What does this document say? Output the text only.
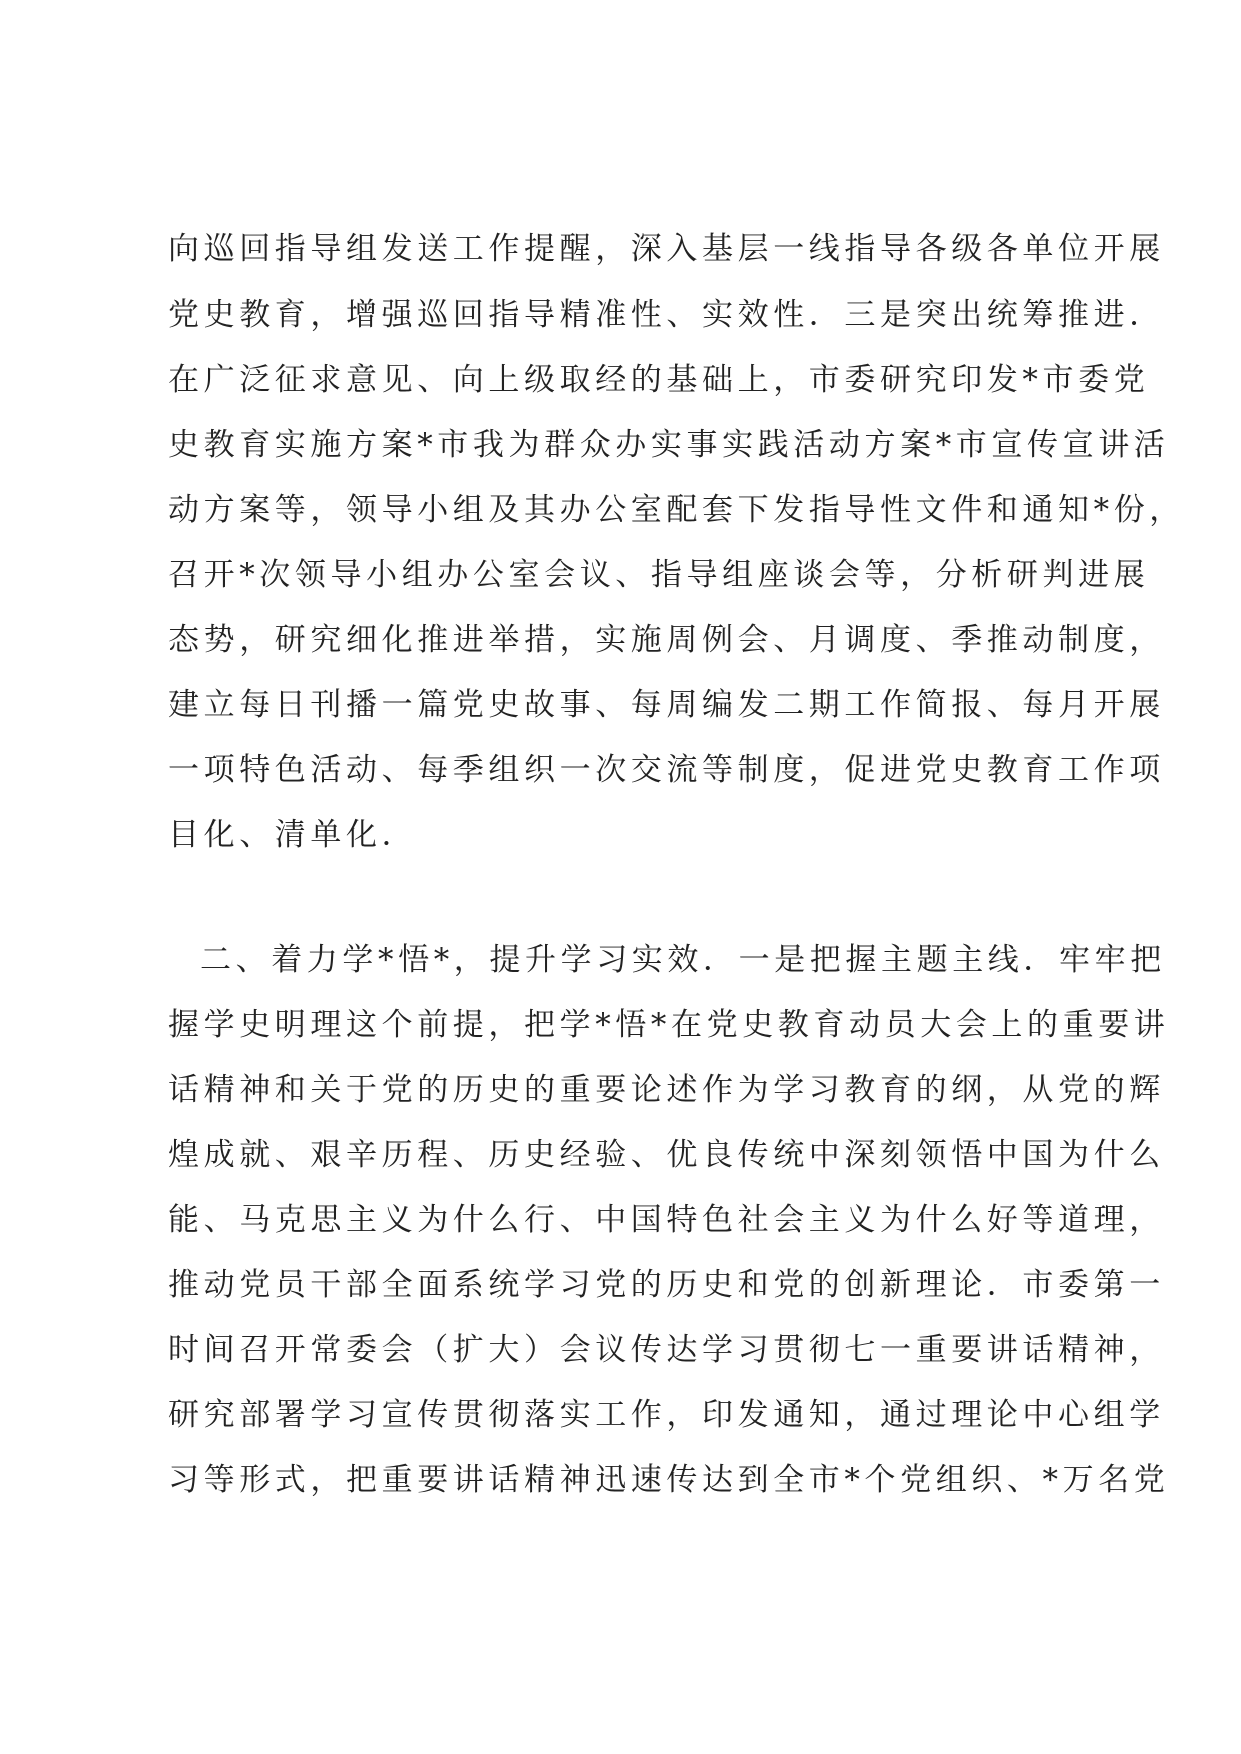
向巡回指导组发送工作提醒，深入基层一线指导各级各单位开展
党史教育，增强巡回指导精准性、实效性．三是突出统筹推进．
在广泛征求意见、向上级取经的基础上，市委研究印发*市委党
史教育实施方案*市我为群众办实事实践活动方案*市宣传宣讲活
动方案等，领导小组及其办公室配套下发指导性文件和通知*份，
召开*次领导小组办公室会议、指导组座谈会等，分析研判进展
态势，研究细化推进举措，实施周例会、月调度、季推动制度，
建立每日刊播一篇党史故事、每周编发二期工作简报、每月开展
一项特色活动、每季组织一次交流等制度，促进党史教育工作项
目化、清单化．
二、着力学*悟*，提升学习实效．一是把握主题主线．牢牢把
握学史明理这个前提，把学*悟*在党史教育动员大会上的重要讲
话精神和关于党的历史的重要论述作为学习教育的纲，从党的辉
煌成就、艰辛历程、历史经验、优良传统中深刻领悟中国为什么
能、马克思主义为什么行、中国特色社会主义为什么好等道理，
推动党员干部全面系统学习党的历史和党的创新理论．市委第一
时间召开常委会（扩大）会议传达学习贯彻七一重要讲话精神，
研究部署学习宣传贯彻落实工作，印发通知，通过理论中心组学
习等形式，把重要讲话精神迅速传达到全市*个党组织、*万名党
